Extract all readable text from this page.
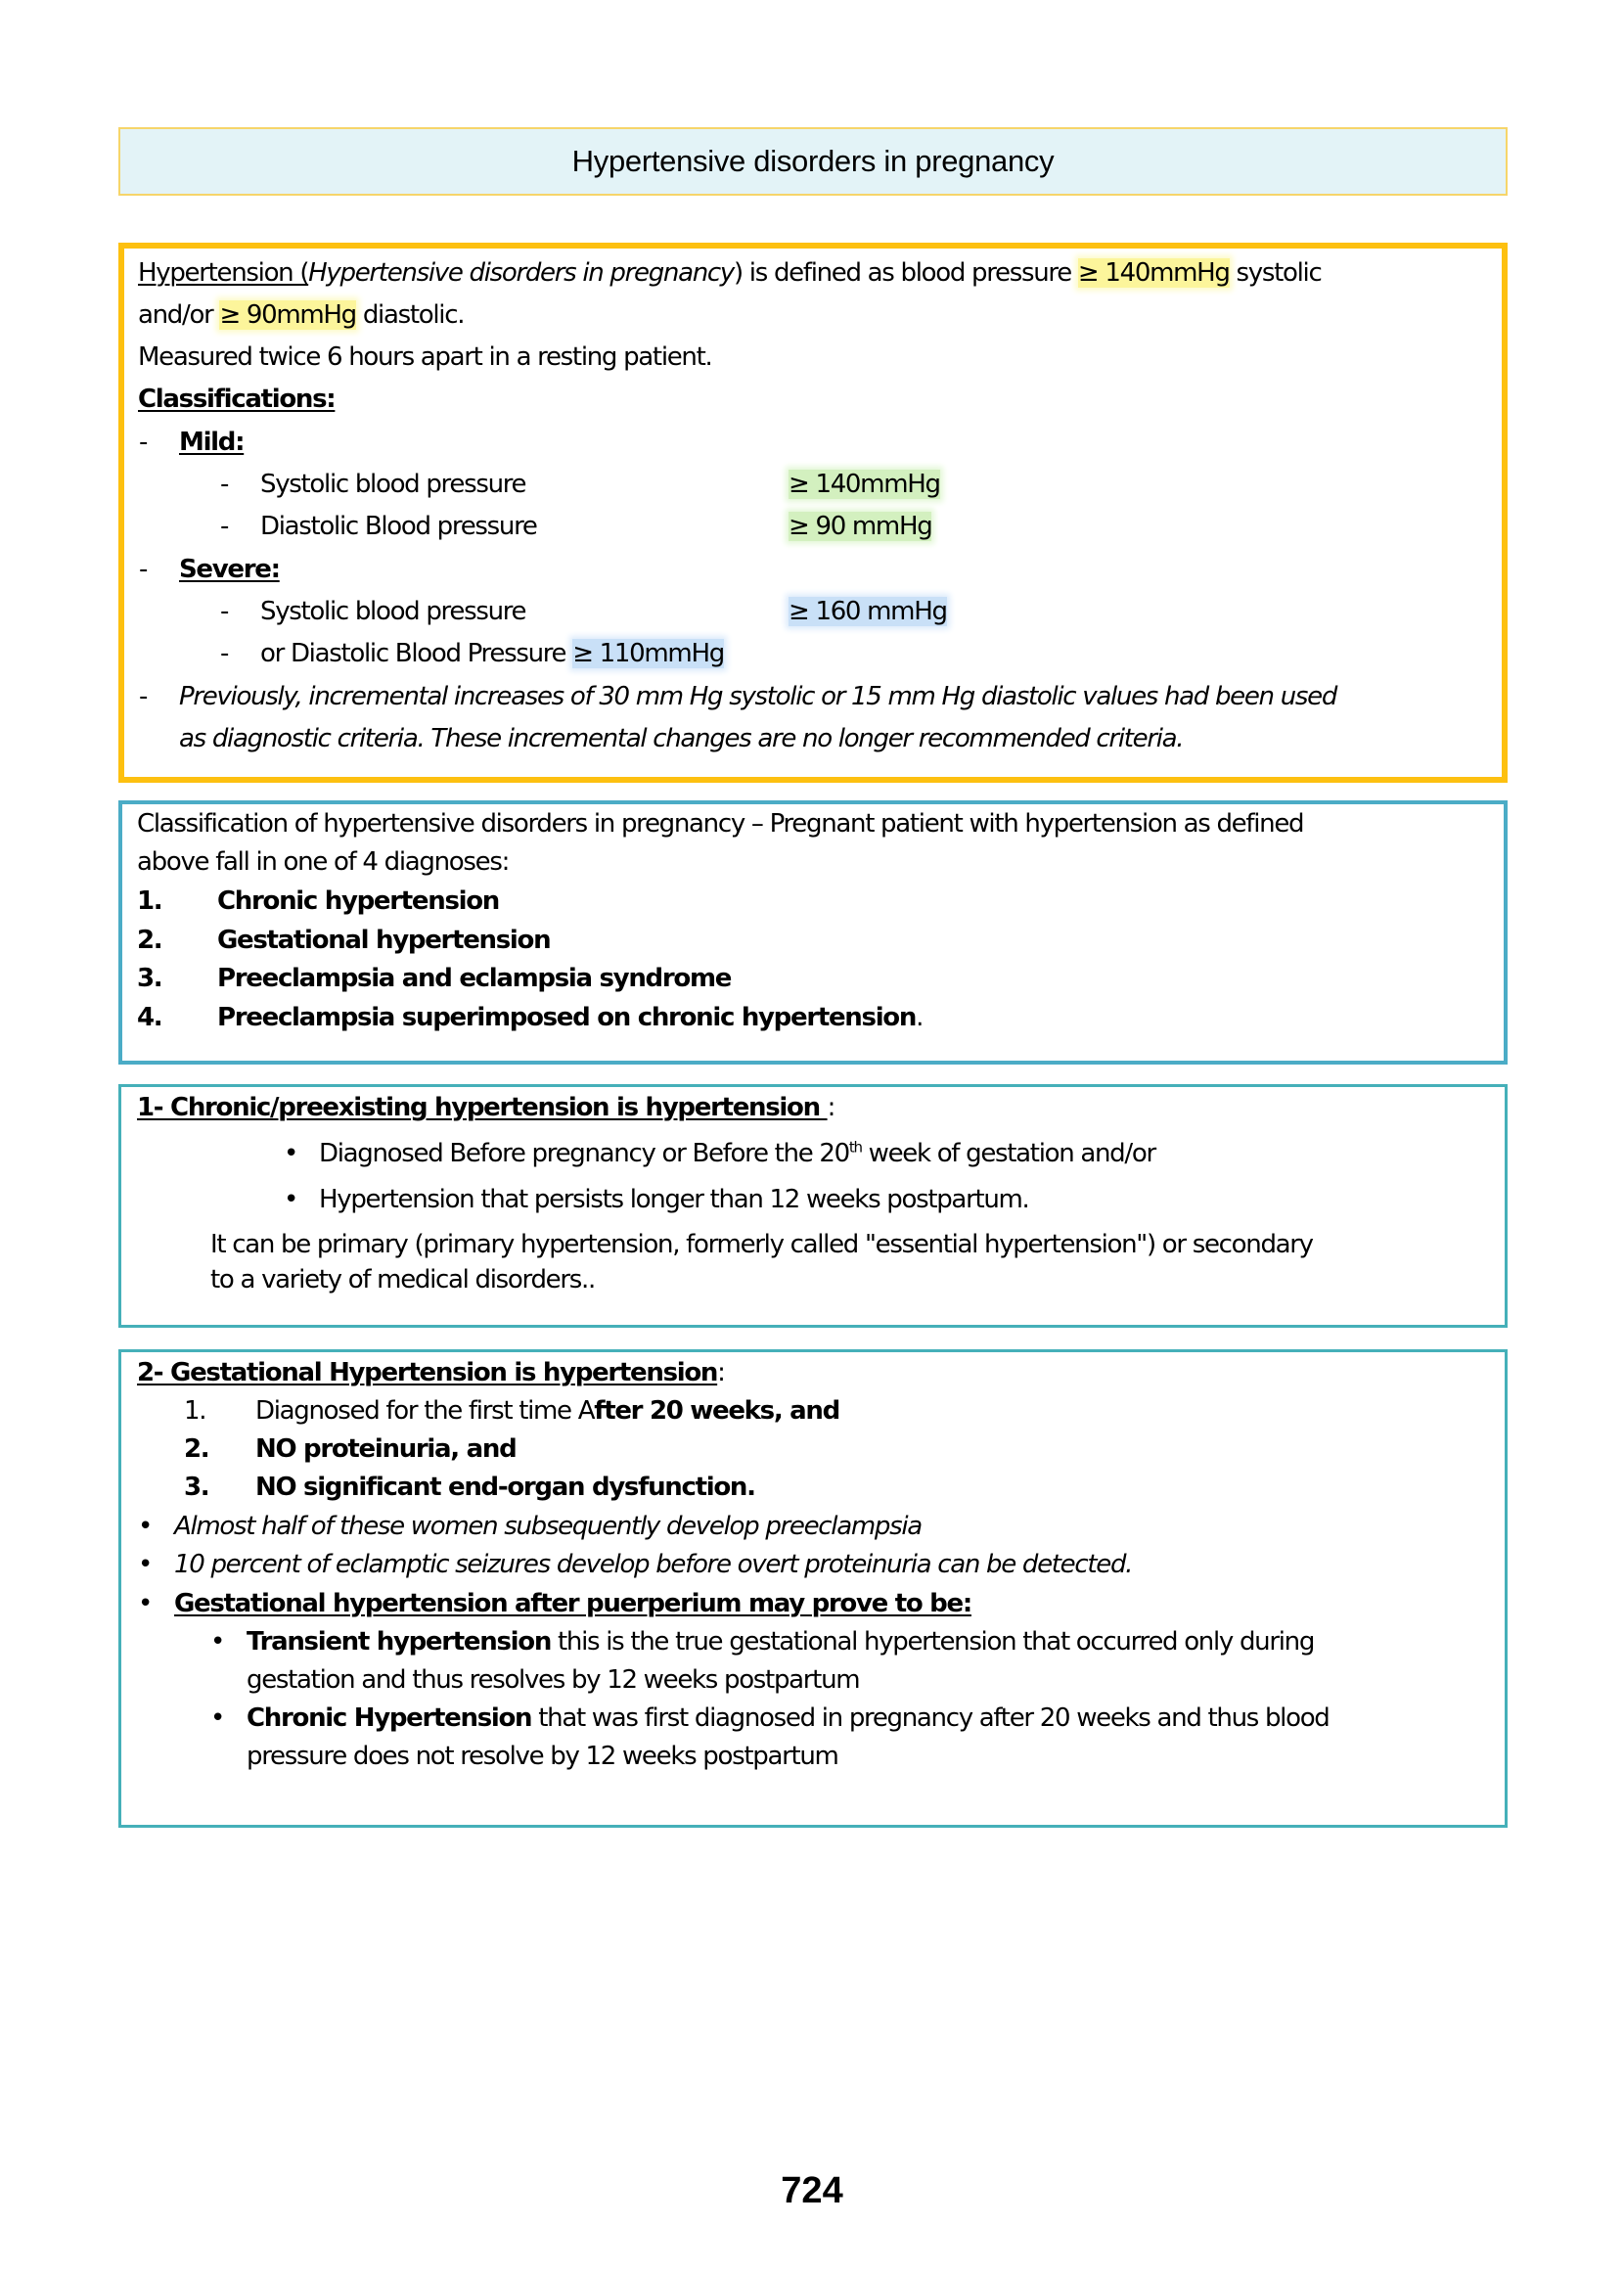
Hypertensive disorders in pregnancy
Hypertension (Hypertensive disorders in pregnancy) is defined as blood pressure ≥ 140mmHg systolic
and/or ≥ 90mmHg diastolic.
Measured twice 6 hours apart in a resting patient.
Classifications:
- Mild:
- Systolic blood pressure	≥ 140mmHg
- Diastolic Blood pressure	≥ 90 mmHg
- Severe:
- Systolic blood pressure	≥ 160 mmHg
- or Diastolic Blood Pressure ≥ 110mmHg
- Previously, incremental increases of 30 mm Hg systolic or 15 mm Hg diastolic values had been used
as diagnostic criteria. These incremental changes are no longer recommended criteria.
Classification of hypertensive disorders in pregnancy – Pregnant patient with hypertension as defined
above fall in one of 4 diagnoses:
1. Chronic hypertension
2. Gestational hypertension
3. Preeclampsia and eclampsia syndrome
4. Preeclampsia superimposed on chronic hypertension.
1- Chronic/preexisting hypertension is hypertension :
• Diagnosed Before pregnancy or Before the 20th week of gestation and/or
• Hypertension that persists longer than 12 weeks postpartum.
It can be primary (primary hypertension, formerly called "essential hypertension") or secondary
to a variety of medical disorders..
2- Gestational Hypertension is hypertension:
1. Diagnosed for the first time After 20 weeks, and
2. NO proteinuria, and
3. NO significant end-organ dysfunction.
• Almost half of these women subsequently develop preeclampsia
• 10 percent of eclamptic seizures develop before overt proteinuria can be detected.
• Gestational hypertension after puerperium may prove to be:
• Transient hypertension this is the true gestational hypertension that occurred only during
gestation and thus resolves by 12 weeks postpartum
• Chronic Hypertension that was first diagnosed in pregnancy after 20 weeks and thus blood
pressure does not resolve by 12 weeks postpartum
724
